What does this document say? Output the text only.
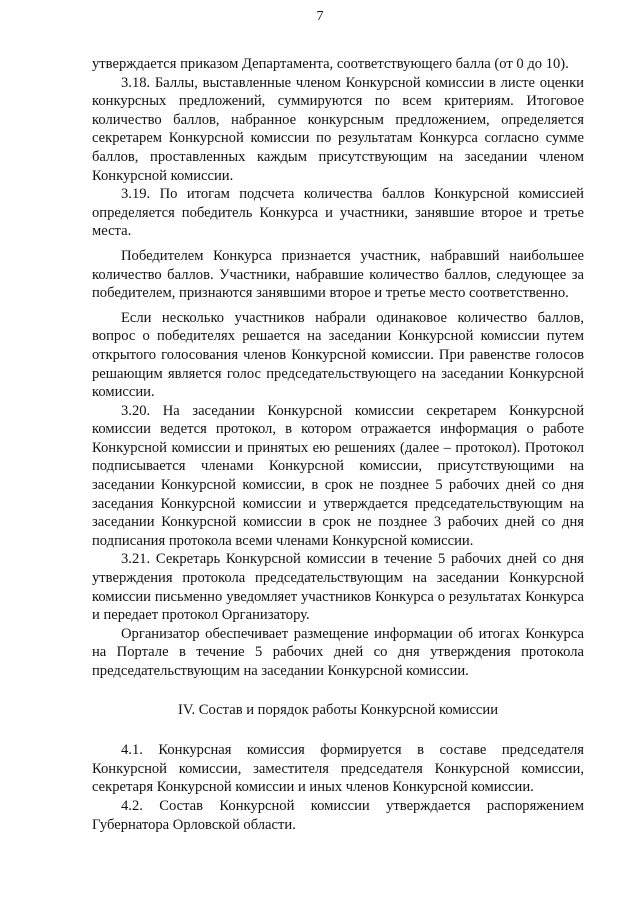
7

утверждается приказом Департамента, соответствующего балла (от 0 до 10).

3.18. Баллы, выставленные членом Конкурсной комиссии в листе оценки конкурсных предложений, суммируются по всем критериям. Итоговое количество баллов, набранное конкурсным предложением, определяется секретарем Конкурсной комиссии по результатам Конкурса согласно сумме баллов, проставленных каждым присутствующим на заседании членом Конкурсной комиссии.

3.19. По итогам подсчета количества баллов Конкурсной комиссией определяется победитель Конкурса и участники, занявшие второе и третье места.

Победителем Конкурса признается участник, набравший наибольшее количество баллов. Участники, набравшие количество баллов, следующее за победителем, признаются занявшими второе и третье место соответственно.

Если несколько участников набрали одинаковое количество баллов, вопрос о победителях решается на заседании Конкурсной комиссии путем открытого голосования членов Конкурсной комиссии. При равенстве голосов решающим является голос председательствующего на заседании Конкурсной комиссии.

3.20. На заседании Конкурсной комиссии секретарем Конкурсной комиссии ведется протокол, в котором отражается информация о работе Конкурсной комиссии и принятых ею решениях (далее – протокол). Протокол подписывается членами Конкурсной комиссии, присутствующими на заседании Конкурсной комиссии, в срок не позднее 5 рабочих дней со дня заседания Конкурсной комиссии и утверждается председательствующим на заседании Конкурсной комиссии в срок не позднее 3 рабочих дней со дня подписания протокола всеми членами Конкурсной комиссии.

3.21. Секретарь Конкурсной комиссии в течение 5 рабочих дней со дня утверждения протокола председательствующим на заседании Конкурсной комиссии письменно уведомляет участников Конкурса о результатах Конкурса и передает протокол Организатору.

Организатор обеспечивает размещение информации об итогах Конкурса на Портале в течение 5 рабочих дней со дня утверждения протокола председательствующим на заседании Конкурсной комиссии.

IV. Состав и порядок работы Конкурсной комиссии

4.1. Конкурсная комиссия формируется в составе председателя Конкурсной комиссии, заместителя председателя Конкурсной комиссии, секретаря Конкурсной комиссии и иных членов Конкурсной комиссии.

4.2. Состав Конкурсной комиссии утверждается распоряжением Губернатора Орловской области.
